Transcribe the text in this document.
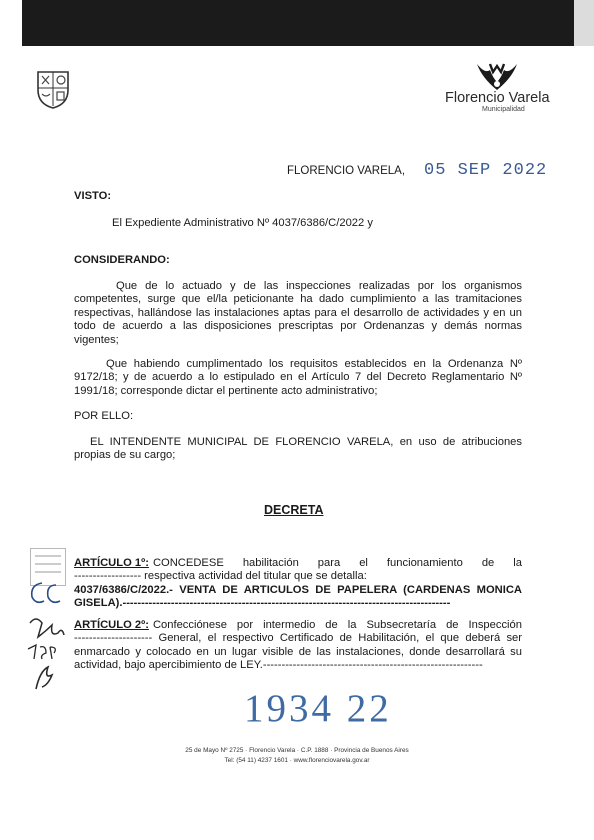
Florencio Varela
Municipalidad
FLORENCIO VARELA, 05 SEP 2022
VISTO:
El Expediente Administrativo Nº 4037/6386/C/2022 y
CONSIDERANDO:
Que de lo actuado y de las inspecciones realizadas por los organismos competentes, surge que el/la peticionante ha dado cumplimiento a las tramitaciones respectivas, hallándose las instalaciones aptas para el desarrollo de actividades y en un todo de acuerdo a las disposiciones prescriptas por Ordenanzas y demás normas vigentes;
Que habiendo cumplimentado los requisitos establecidos en la Ordenanza Nº 9172/18; y de acuerdo a lo estipulado en el Artículo 7 del Decreto Reglamentario Nº 1991/18; corresponde dictar el pertinente acto administrativo;
POR ELLO:
EL INTENDENTE MUNICIPAL DE FLORENCIO VARELA, en uso de atribuciones propias de su cargo;
DECRETA
ARTÍCULO 1º: CONCEDESE habilitación para el funcionamiento de la
------------------ respectiva actividad del titular que se detalla:
4037/6386/C/2022.- VENTA DE ARTICULOS DE PAPELERA (CARDENAS MONICA GISELA).----------------------------------------------------------------------------------------
ARTÍCULO 2º: Confecciónese por intermedio de la Subsecretaría de Inspección
--------------------- General, el respectivo Certificado de Habilitación, el que deberá ser enmarcado y colocado en un lugar visible de las instalaciones, donde desarrollará su actividad, bajo apercibimiento de LEY.-----------------------------------------------------------
1934 22
25 de Mayo Nº 2725 · Florencio Varela · C.P. 1888 · Provincia de Buenos Aires
Tel: (54 11) 4237 1601 · www.florenciovarela.gov.ar
